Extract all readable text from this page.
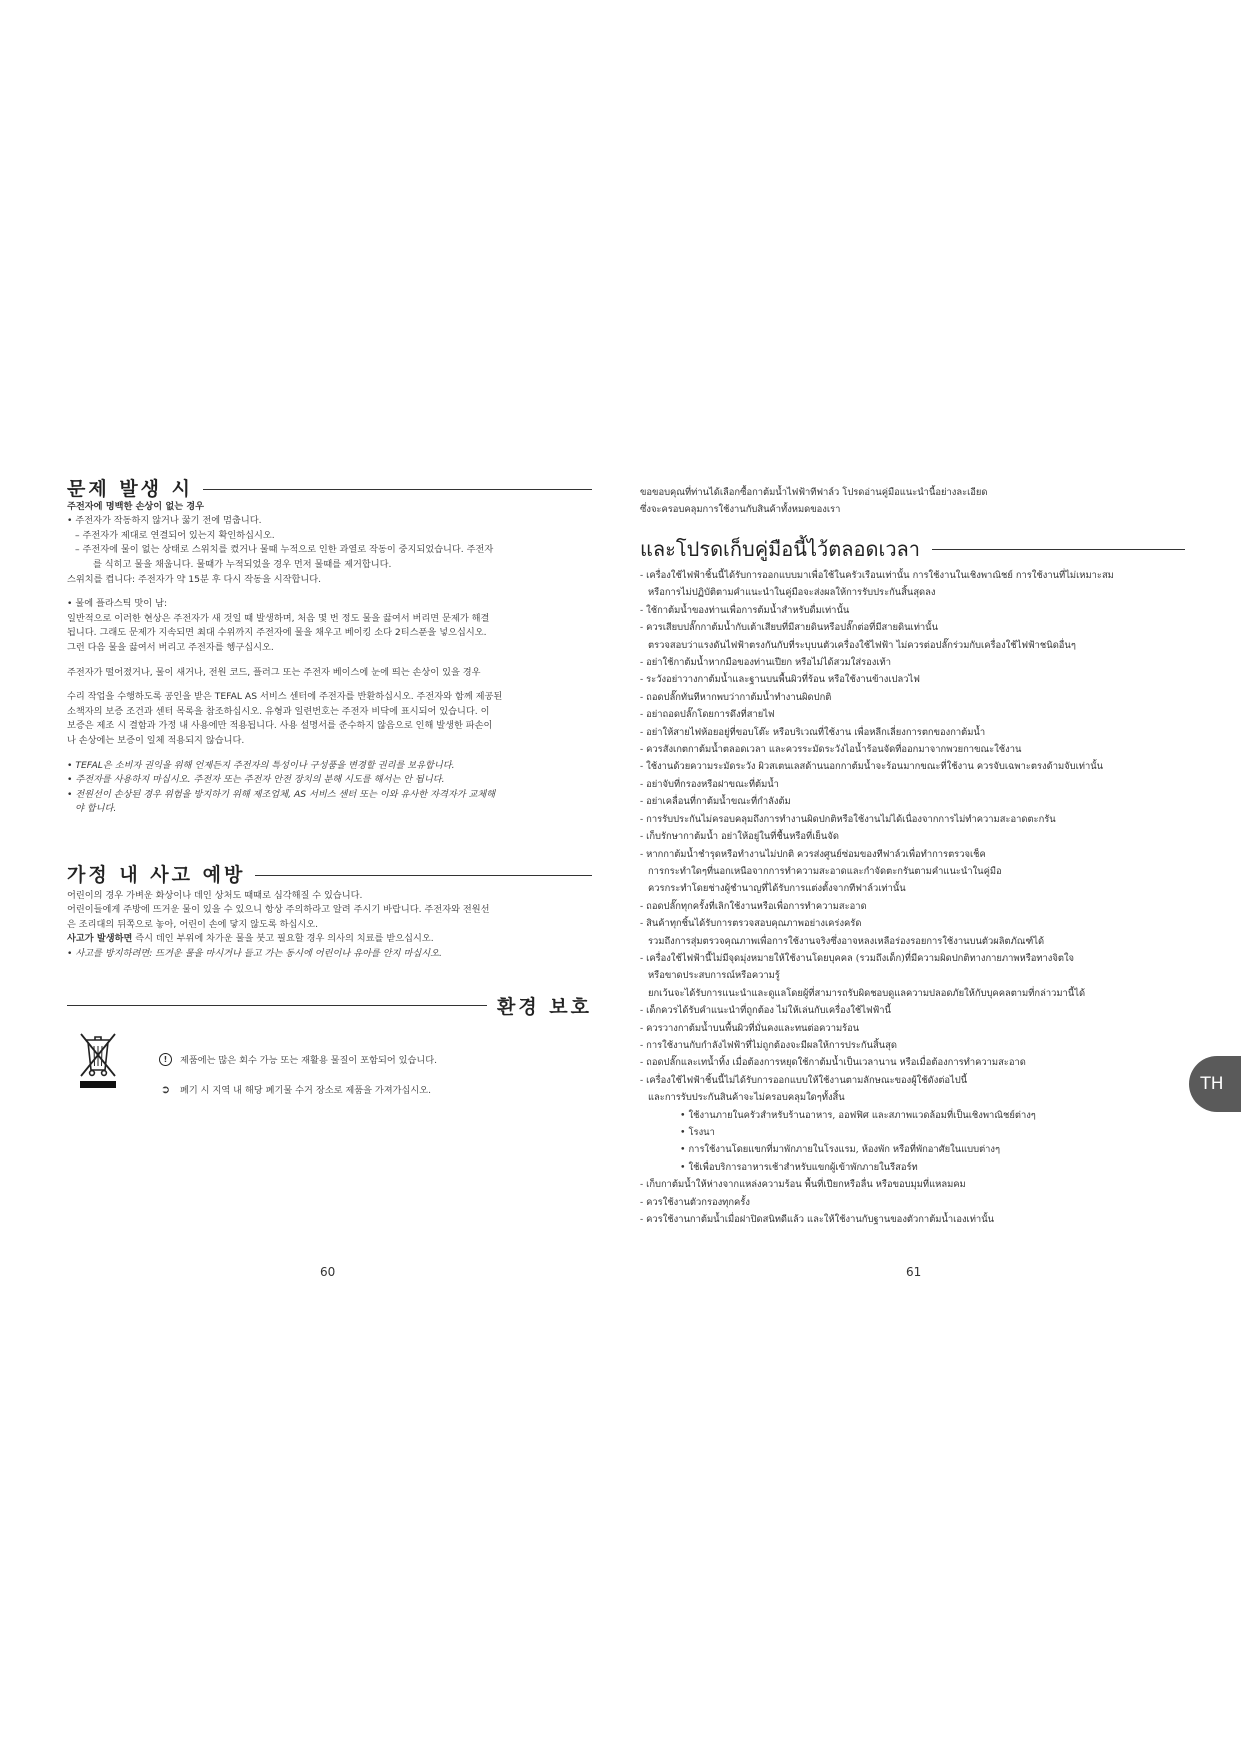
문제 발생 시
주전자에 명백한 손상이 없는 경우
• 주전자가 작동하지 않거나 꿇기 전에 멈춥니다.
– 주전자가 제대로 연결되어 있는지 확인하십시오.
– 주전자에 물이 없는 상태로 스위치를 켰거나 물때 누적으로 인한 과열로 작동이 중지되었습니다. 주전자
를 식히고 물을 채웁니다. 물때가 누적되었을 경우 먼저 물때를 제거합니다.
스위치를 켭니다: 주전자가 약 15분 후 다시 작동을 시작합니다.
• 물에 플라스틱 맛이 남:
일반적으로 이러한 현상은 주전자가 새 것일 때 발생하며, 처음 몇 번 정도 물을 끓여서 버리면 문제가 해결
됩니다. 그래도 문제가 지속되면 최대 수위까지 주전자에 물을 채우고 베이킹 소다 2티스푼을 넣으십시오.
그런 다음 물을 끓여서 버리고 주전자를 헹구십시오.
주전자가 떨어졌거나, 물이 새거나, 전원 코드, 플러그 또는 주전자 베이스에 눈에 띄는 손상이 있을 경우
수리 작업을 수행하도록 공인을 받은 TEFAL AS 서비스 센터에 주전자를 반환하십시오. 주전자와 함께 제공된
소책자의 보증 조건과 센터 목록을 참조하십시오. 유형과 일련번호는 주전자 비닥에 표시되어 있습니다. 이
보증은 제조 시 결함과 가정 내 사용에만 적용됩니다. 사용 설명서를 준수하지 않음으로 인해 발생한 파손이
나 손상에는 보증이 일체 적용되지 않습니다.
• TEFAL은 소비자 권익을 위해 언제든지 주전자의 특성이나 구성품을 변경할 권리를 보유합니다.
• 주전자를 사용하지 마십시오. 주전자 또는 주전자 안전 장치의 분해 시도를 해서는 안 됩니다.
• 전원선이 손상된 경우 위험을 방지하기 위해 제조업체, AS 서비스 센터 또는 이와 유사한 자격자가 교체해
야 합니다.
가정 내 사고 예방
어린이의 경우 가벼운 화상이나 데인 상처도 때때로 심각해질 수 있습니다.
어린이들에게 주방에 뜨거운 물이 있을 수 있으니 항상 주의하라고 알려 주시기 바랍니다. 주전자와 전원선
은 조리대의 뒤쪽으로 놓아, 어린이 손에 닿지 않도록 하십시오.
사고가 발생하면 즉시 데인 부위에 차가운 물을 붓고 필요할 경우 의사의 치료를 받으십시오.
• 사고를 방지하려면: 뜨거운 물을 마시거나 들고 가는 동시에 어린이나 유아를 안지 마십시오.
환경 보호
!	제품에는 많은 회수 가능 또는 재활용 물질이 포함되어 있습니다.
➲ 폐기 시 지역 내 해당 폐기물 수거 장소로 제품을 가져가십시오.
60
TH
ขอขอบคุณที่ท่านได้เลือกซื้อกาต้มน้ำไฟฟ้าทีฟาล์ว โปรดอ่านคู่มือแนะนำนี้อย่างละเอียด
ซึ่งจะครอบคลุมการใช้งานกับสินค้าทั้งหมดของเรา
และโปรดเก็บคู่มือนี้ไว้ตลอดเวลา
- เครื่องใช้ไฟฟ้าชิ้นนี้ได้รับการออกแบบมาเพื่อใช้ในครัวเรือนเท่านั้น การใช้งานในเชิงพาณิชย์ การใช้งานที่ไม่เหมาะสม
หรือการไม่ปฏิบัติตามคำแนะนำในคู่มือจะส่งผลให้การรับประกันสิ้นสุดลง
- ใช้กาต้มน้ำของท่านเพื่อการต้มน้ำสำหรับดื่มเท่านั้น
- ควรเสียบปลั๊กกาต้มน้ำกับเต้าเสียบที่มีสายดินหรือปลั๊กต่อที่มีสายดินเท่านั้น
ตรวจสอบว่าแรงดันไฟฟ้าตรงกันกับที่ระบุบนตัวเครื่องใช้ไฟฟ้า ไม่ควรต่อปลั๊กร่วมกับเครื่องใช้ไฟฟ้าชนิดอื่นๆ
- อย่าใช้กาต้มน้ำหากมือของท่านเปียก หรือไม่ได้สวมใส่รองเท้า
- ระวังอย่าวางกาต้มน้ำและฐานบนพื้นผิวที่ร้อน หรือใช้งานข้างเปลวไฟ
- ถอดปลั๊กทันทีหากพบว่ากาต้มน้ำทำงานผิดปกติ
- อย่าถอดปลั๊กโดยการดึงที่สายไฟ
- อย่าให้สายไฟห้อยอยู่ที่ขอบโต๊ะ หรือบริเวณที่ใช้งาน เพื่อหลีกเลี่ยงการตกของกาต้มน้ำ
- ควรสังเกตกาต้มน้ำตลอดเวลา และควรระมัดระวังไอน้ำร้อนจัดที่ออกมาจากพวยกาขณะใช้งาน
- ใช้งานด้วยความระมัดระวัง ผิวสเตนเลสด้านนอกกาต้มน้ำจะร้อนมากขณะที่ใช้งาน ควรจับเฉพาะตรงด้ามจับเท่านั้น
- อย่าจับที่กรองหรือฝาขณะที่ต้มน้ำ
- อย่าเคลื่อนที่กาต้มน้ำขณะที่กำลังต้ม
- การรับประกันไม่ครอบคลุมถึงการทำงานผิดปกติหรือใช้งานไม่ได้เนื่องจากการไม่ทำความสะอาดตะกรัน
- เก็บรักษากาต้มน้ำ อย่าให้อยู่ในที่ชื้นหรือที่เย็นจัด
- หากกาต้มน้ำชำรุดหรือทำงานไม่ปกติ ควรส่งศูนย์ซ่อมของทีฟาล์วเพื่อทำการตรวจเช็ค
การกระทำใดๆที่นอกเหนือจากการทำความสะอาดและกำจัดตะกรันตามคำแนะนำในคู่มือ
ควรกระทำโดยช่างผู้ชำนาญที่ได้รับการแต่งตั้งจากทีฟาล์วเท่านั้น
- ถอดปลั๊กทุกครั้งที่เลิกใช้งานหรือเพื่อการทำความสะอาด
- สินค้าทุกชิ้นได้รับการตรวจสอบคุณภาพอย่างเคร่งครัด
รวมถึงการสุ่มตรวจคุณภาพเพื่อการใช้งานจริงซึ่งอาจหลงเหลือร่องรอยการใช้งานบนตัวผลิตภัณฑ์ได้
- เครื่องใช้ไฟฟ้านี้ไม่มีจุดมุ่งหมายให้ใช้งานโดยบุคคล (รวมถึงเด็ก)ที่มีความผิดปกติทางกายภาพหรือทางจิตใจ
หรือขาดประสบการณ์หรือความรู้
ยกเว้นจะได้รับการแนะนำและดูแลโดยผู้ที่สามารถรับผิดชอบดูแลความปลอดภัยให้กับบุคคลตามที่กล่าวมานี้ได้
- เด็กควรได้รับคำแนะนำที่ถูกต้อง ไม่ให้เล่นกับเครื่องใช้ไฟฟ้านี้
- ควรวางกาต้มน้ำบนพื้นผิวที่มั่นคงและทนต่อความร้อน
- การใช้งานกับกำลังไฟฟ้าที่ไม่ถูกต้องจะมีผลให้การประกันสิ้นสุด
- ถอดปลั๊กและเทน้ำทิ้ง เมื่อต้องการหยุดใช้กาต้มน้ำเป็นเวลานาน หรือเมื่อต้องการทำความสะอาด
- เครื่องใช้ไฟฟ้าชิ้นนี้ไม่ได้รับการออกแบบให้ใช้งานตามลักษณะของผู้ใช้ดังต่อไปนี้
และการรับประกันสินค้าจะไม่ครอบคลุมใดๆทั้งสิ้น
• ใช้งานภายในครัวสำหรับร้านอาหาร, ออฟฟิศ และสภาพแวดล้อมที่เป็นเชิงพาณิชย์ต่างๆ
• โรงนา
• การใช้งานโดยแขกที่มาพักภายในโรงแรม, ห้องพัก หรือที่พักอาศัยในแบบต่างๆ
• ใช้เพื่อบริการอาหารเช้าสำหรับแขกผู้เข้าพักภายในรีสอร์ท
- เก็บกาต้มน้ำให้ห่างจากแหล่งความร้อน พื้นที่เปียกหรือลื่น หรือขอบมุมที่แหลมคม
- ควรใช้งานตัวกรองทุกครั้ง
- ควรใช้งานกาต้มน้ำเมื่อฝาปิดสนิทดีแล้ว และให้ใช้งานกับฐานของตัวกาต้มน้ำเองเท่านั้น
61
